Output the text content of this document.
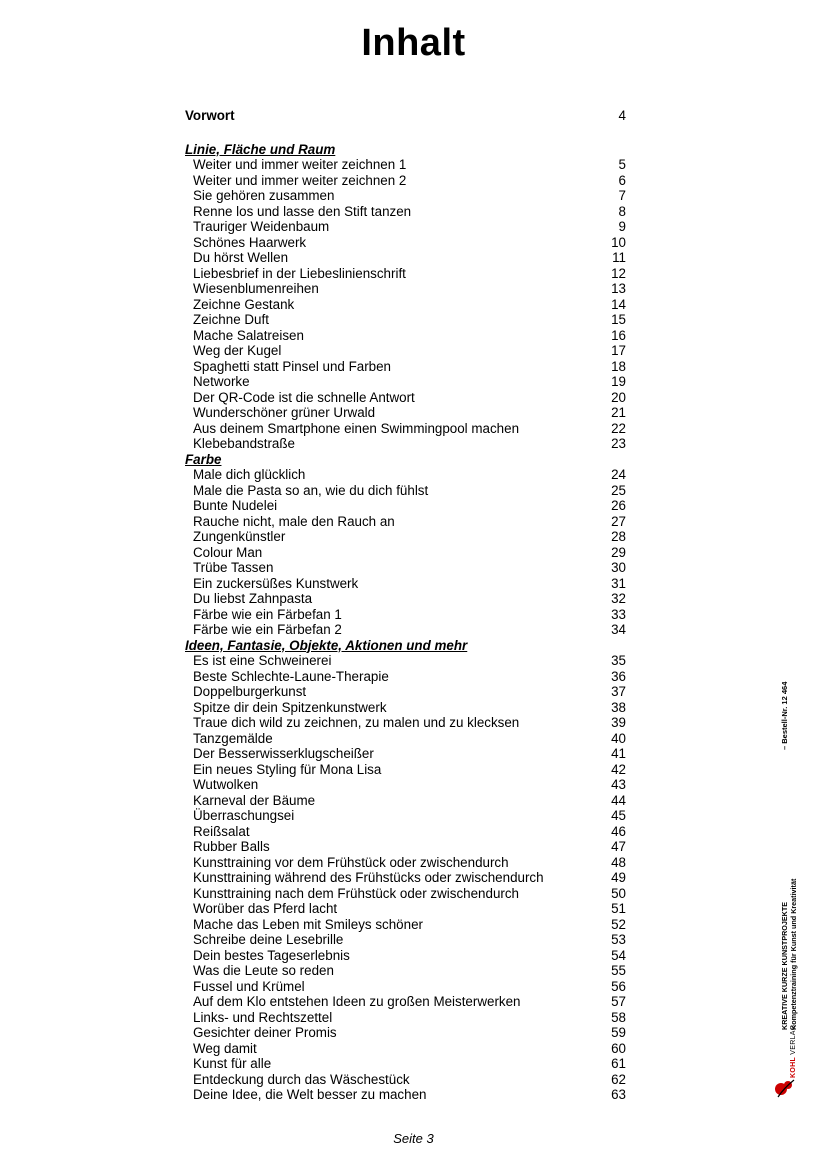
Inhalt
Vorwort	4
Linie, Fläche und Raum
Weiter und immer weiter zeichnen 1	5
Weiter und immer weiter zeichnen 2	6
Sie gehören zusammen	7
Renne los und lasse den Stift tanzen	8
Trauriger Weidenbaum	9
Schönes Haarwerk	10
Du hörst Wellen	11
Liebesbrief in der Liebeslinienschrift	12
Wiesenblumenreihen	13
Zeichne Gestank	14
Zeichne Duft	15
Mache Salatreisen	16
Weg der Kugel	17
Spaghetti statt Pinsel und Farben	18
Networke	19
Der QR-Code ist die schnelle Antwort	20
Wunderschöner grüner Urwald	21
Aus deinem Smartphone einen Swimmingpool machen	22
Klebebandstraße	23
Farbe
Male dich glücklich	24
Male die Pasta so an, wie du dich fühlst	25
Bunte Nudelei	26
Rauche nicht, male den Rauch an	27
Zungenkünstler	28
Colour Man	29
Trübe Tassen	30
Ein zuckersüßes Kunstwerk	31
Du liebst Zahnpasta	32
Färbe wie ein Färbefan 1	33
Färbe wie ein Färbefan 2	34
Ideen, Fantasie, Objekte, Aktionen und mehr
Es ist eine Schweinerei	35
Beste Schlechte-Laune-Therapie	36
Doppelburgerkunst	37
Spitze dir dein Spitzenkunstwerk	38
Traue dich wild zu zeichnen, zu malen und zu klecksen	39
Tanzgemälde	40
Der Besserwisserklugscheißer	41
Ein neues Styling für Mona Lisa	42
Wutwolken	43
Karneval der Bäume	44
Überraschungsei	45
Reißsalat	46
Rubber Balls	47
Kunsttraining vor dem Frühstück oder zwischendurch	48
Kunsttraining während des Frühstücks oder zwischendurch	49
Kunsttraining nach dem Frühstück oder zwischendurch	50
Worüber das Pferd lacht	51
Mache das Leben mit Smileys schöner	52
Schreibe deine Lesebrille	53
Dein bestes Tageserlebnis	54
Was die Leute so reden	55
Fussel und Krümel	56
Auf dem Klo entstehen Ideen zu großen Meisterwerken	57
Links- und Rechtszettel	58
Gesichter deiner Promis	59
Weg damit	60
Kunst für alle	61
Entdeckung durch das Wäschestück	62
Deine Idee, die Welt besser zu machen	63
Seite 3
KREATIVE KURZE KUNSTPROJEKTE Kompetenztraining für Kunst und Kreativität
– Bestell-Nr. 12 464
KOHL VERLAG
